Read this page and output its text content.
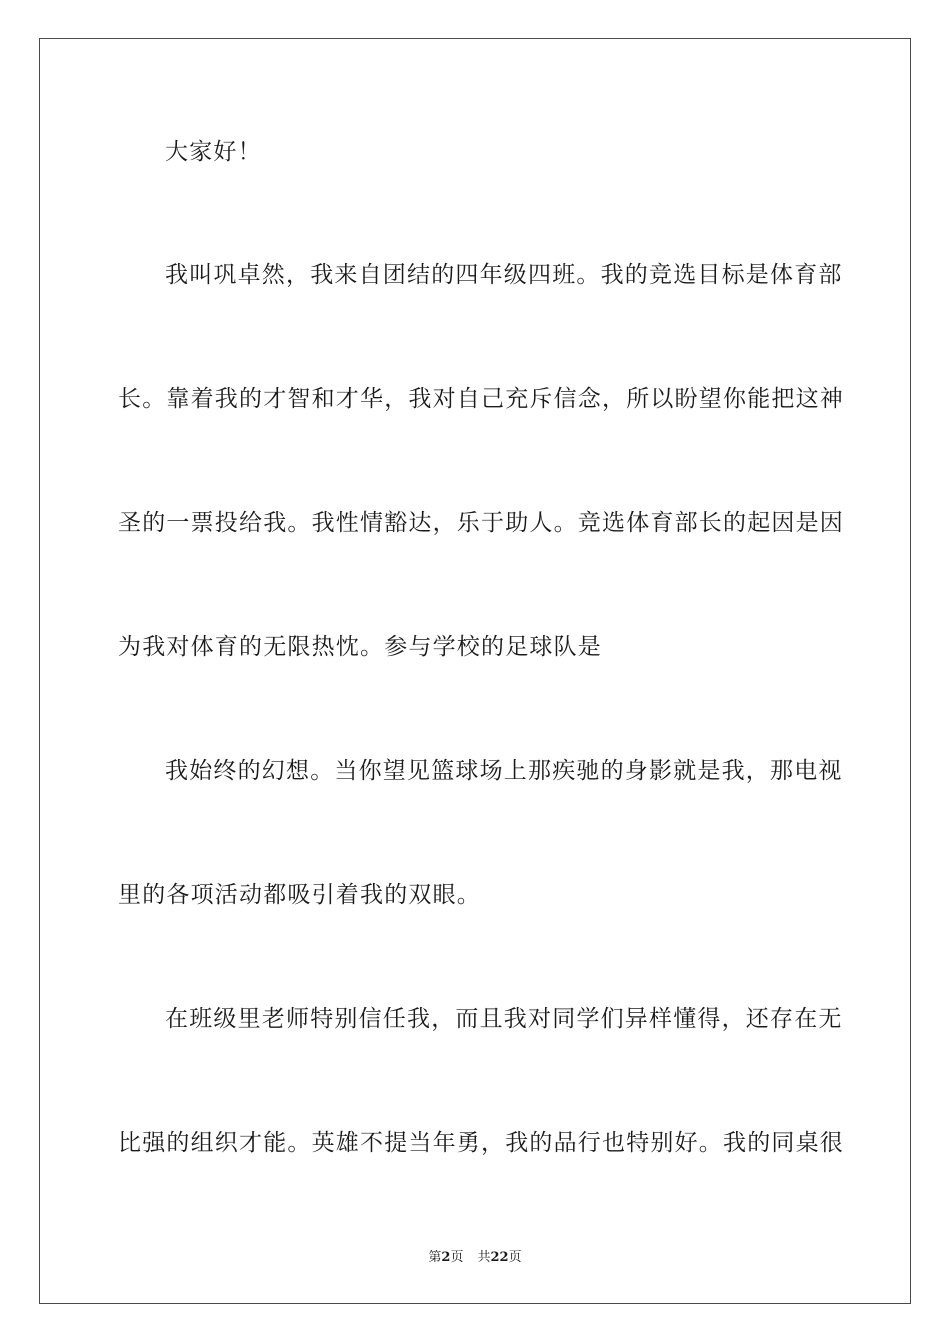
大家好！
我叫巩卓然，我来自团结的四年级四班。我的竞选目标是体育部
长。靠着我的才智和才华，我对自己充斥信念，所以盼望你能把这神
圣的一票投给我。我性情豁达，乐于助人。竞选体育部长的起因是因
为我对体育的无限热忱。参与学校的足球队是
我始终的幻想。当你望见篮球场上那疾驰的身影就是我，那电视
里的各项活动都吸引着我的双眼。
在班级里老师特别信任我，而且我对同学们异样懂得，还存在无
比强的组织才能。英雄不提当年勇，我的品行也特别好。我的同桌很
第2页 共22页
